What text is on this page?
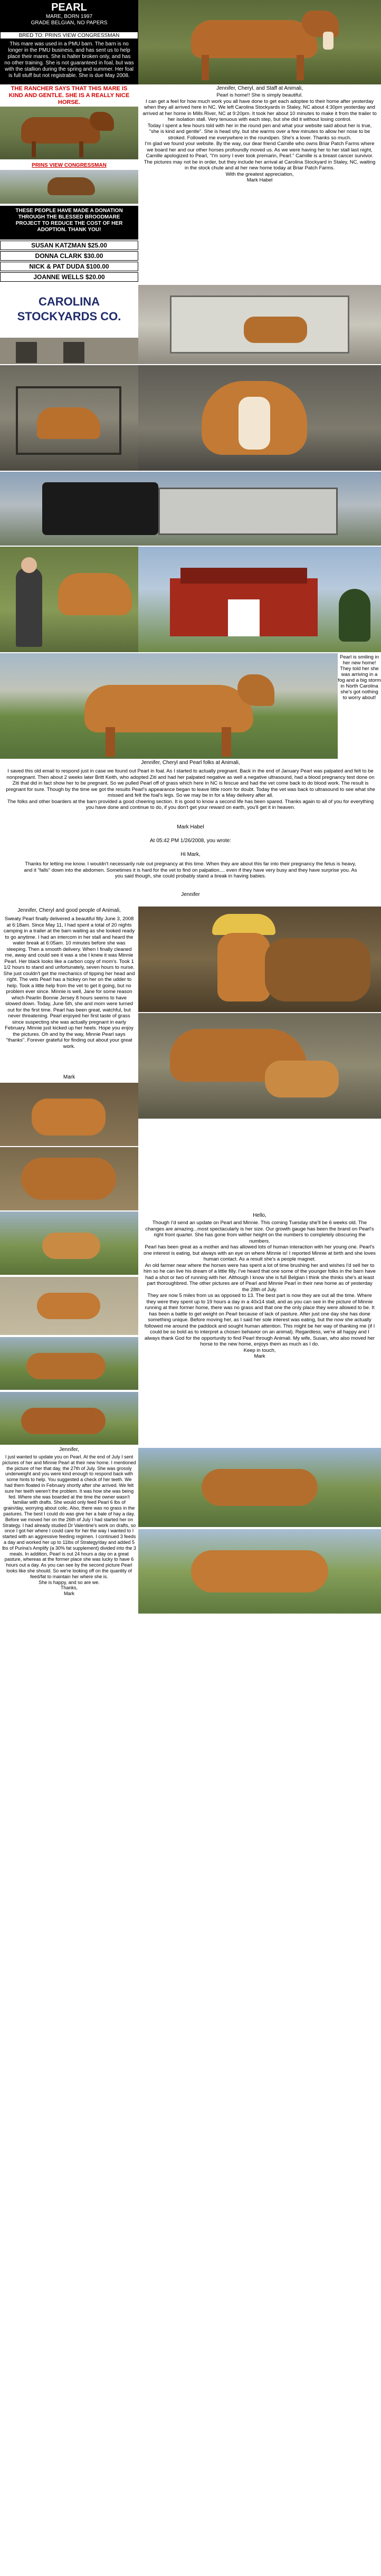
PEARL
MARE, BORN 1997
GRADE BELGIAN, NO PAPERS
BRED TO: PRINS VIEW CONGRESSMAN
This mare was used in a PMU barn. The barn is no longer in the PMU business, and has sent us to help place their mares. She is halter broken only, and has no other training. She is not guaranteed in foal, but was with the stallion during the spring and summer. Her foal is full stuff but not registrable. She is due May 2008.
THE RANCHER SAYS THAT THIS MARE IS KIND AND GENTLE. SHE IS A REALLY NICE HORSE.
PRINS VIEW CONGRESSMAN
THESE PEOPLE HAVE MADE A DONATION THROUGH THE BLESSED BROODMARE PROJECT TO REDUCE THE COST OF HER ADOPTION. THANK YOU!
SUSAN KATZMAN $25.00
DONNA CLARK $30.00
NICK & PAT DUDA $100.00
JOANNE WELLS $20.00
Jennifer, Cheryl, and Staff at Animali,
Pearl is home!! She is simply beautiful.
I can get a feel for how much work you all have done to get each adoptee to their home after yesterday when they all arrived here in NC. We left Carolina Stockyards in Staley, NC about 4:30pm yesterday and arrived at her home in Mills River, NC at 9:20pm. It took her about 10 minutes to make it from the trailer to her isolation stall. Very tenuous with each step, but she did it without losing control.
Today I spent a few hours told with her in the round pen and what your website said about her is true, "she is kind and gentle". She is head shy, but she warms over a few minutes to allow her nose to be stroked. Followed me everywhere in the roundpen. She's a lover. Thanks so much.
I'm glad we found your website. By the way, our dear friend Camille who owns Briar Patch Farms where we board her and our other horses profoundly moved us. As we were having her to her stall last night, Camille apologized to Pearl, "I'm sorry I ever took premarin, Pearl." Camille is a breast cancer survivor.
The pictures may not be in order, but they include her arrival at Carolina Stockyard in Staley, NC, waiting in the stock chute and at her new home today at Briar Patch Farms.
With the greatest appreciation,
Mark Habel
CAROLINA
STOCKYARDS CO.
Pearl is smiling in her new home! They told her she was arriving in a fog and a big storm in North Carolina she's got nothing to worry about!
Jennifer, Cheryl and Pearl folks at Animali,
I saved this old email to respond just in case we found out Pearl in foal. As I started to actually pregnant. Back in the end of January Pearl was palpated and felt to be nonpregnant. Then about 2 weeks later Britt Keith, who adopted Ziti and had her palpated negative as well a negative ultrasound, had a blood pregnancy test done on Ziti that did in fact show her to be pregnant. So we pulled Pearl off of grass which here in NC is fescue and had the vet come back to do blood work. The result is pregnant for sure. Though by the time we got the results Pearl's appearance began to leave little room for doubt. Today the vet was back to ultrasound to see what she missed and felt the foal's legs. So we may be in for a May delivery after all.
The folks and other boarders at the barn provided a good cheering section. It is good to know a second life has been spared. Thanks again to all of you for everything you have done and continue to do, if you don't get your reward on earth, you'll get it in heaven.
Mark Habel
At 05:42 PM 1/26/2008, you wrote:
Hi Mark,
Thanks for letting me know. I wouldn't necessarily rule out pregnancy at this time. When they are about this far into their pregnancy the fetus is heavy, and it "falls" down into the abdomen. Sometimes it is hard for the vet to find on palpation.... even if they have very busy and they have surprise you. As you said though, she could probably stand a break in having babies.
Jennifer
Jennifer, Cheryl and good people of Animali,
Sweaty Pearl finally delivered a beautiful filly June 3, 2008 at 6:18am. Since May 11, I had spent a total of 20 nights camping in a trailer at the barn waiting as she looked ready to go anytime. I had an intercom in her stall and heard the water break at 6:05am. 10 minutes before she was sleeping. Then a smooth delivery. When I finally cleaned me, away and could see it was a she I knew it was Minnie Pearl. Her black looks like a carbon copy of mom's. Took 1 1/2 hours to stand and unfortunately, seven hours to nurse. She just couldn't get the mechanics of tipping her head and right. The vets Pearl has a hickey on her on the udder to help. Took a little help from the vet to get it going, but no problem ever since. Minnie is well, Jane for some reason which Pearlin Bonnie Jersey 8 hours seems to have slowed down. Today, June 5th, she and mom were turned out for the first time. Pearl has been great, watchful, but never threatening. Pearl enjoyed her first taste of grass since suspecting she was actually pregnant in early February. Minnie just kicked up her heels. Hope you enjoy the pictures. Oh and by the way, Minnie Pearl says "thanks". Forever grateful for finding out about your great work.
Mark
Hello,
Though I'd send an update on Pearl and Minnie. This coming Tuesday she'll be 6 weeks old. The changes are amazing...most spectacularly is her size. Our growth gauge has been the brand on Pearl's right front quarter. She has gone from wither height on the numbers to completely obscuring the numbers.
Pearl has been great as a mother and has allowed lots of human interaction with her young one. Pearl's one interest is eating, but always with an eye on where Minnie is! I reported Minnie at birth and she loves human contact. As a result she's a people magnet.
An old farmer near where the horses were has spent a lot of time brushing her and wishes I'd sell her to him so he can live his dream of a little filly. I've heard that one some of the younger folks in the barn have had a shot or two of running with her. Although I know she is full Belgian I think she thinks she's at least part thoroughbred. The other pictures are of Pearl and Minnie Pearl in their new home as of yesterday the 28th of July.
They are now 5 miles from us as opposed to 13. The best part is now they are out all the time. Where they were they spent up to 19 hours a day in a 40x14 stall, and as you can see in the picture of Minnie running at their former home, there was no grass and that one the only place they were allowed to be. It has been a battle to get weight on Pearl because of lack of pasture. After just one day she has done something unique. Before moving her, as I said her sole interest was eating, but the now she actually followed me around the paddock and sought human attention. This might be her way of thanking me (if I could be so bold as to interpret a chosen behavior on an animal). Regardless, we're all happy and I always thank God for the opportunity to find Pearl through Animali. My wife, Susan, who also moved her horse to the new home, enjoys them as much as I do.
Keep in touch,
Mark
Jennifer,
I just wanted to update you on Pearl. At the end of July I sent pictures of her and Minnie Pearl at their new home. I mentioned the picture of her that day, the 27th of July. She was grossly underweight and you were kind enough to respond back with some hints to help. You suggested a check of her teeth. We had them floated in February shortly after she arrived. We felt sure her teeth weren't the problem. It was how she was being fed. Where she was boarded at the time the owner wasn't familiar with drafts. She would only feed Pearl 6 lbs of grain/day, worrying about colic. Also, there was no grass in the pastures. The best I could do was give her a bale of hay a day.
Before we moved her on the 26th of July I had started her on Strategy. I had already studied Dr Valentine's work on drafts, so once I got her where I could care for her the way I wanted to I started with an aggressive feeding regimen. I continued 3 feeds a day and worked her up to 11lbs of Strategy/day and added 5 lbs of Purina's Amplify (a 30% fat supplement) divided into the 3 meals. In addition, Pearl is out 24 hours a day on a great pasture, whereas at the former place she was lucky to have 6 hours out a day. As you can see by the second picture Pearl looks like she should. So we're looking off on the quantity of feed/fat to maintain her where she is.
She is happy, and so are we.
Thanks,
Mark
